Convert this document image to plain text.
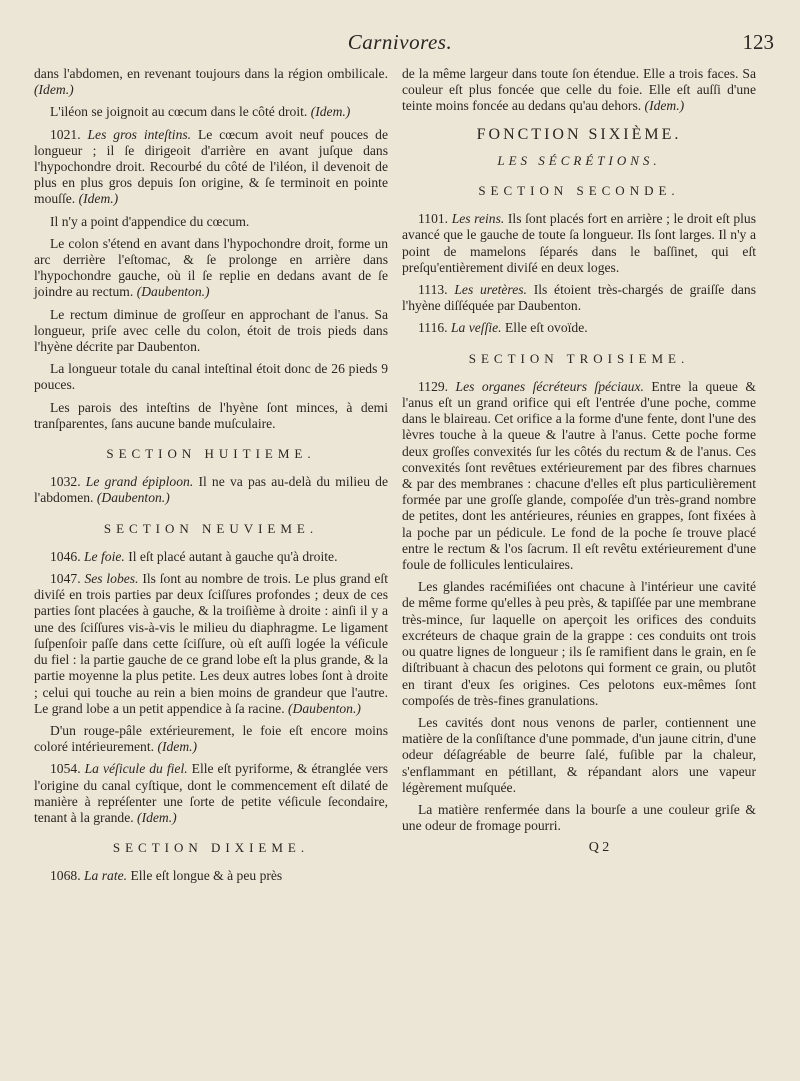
Carnivores.	123

dans l'abdomen, en revenant toujours dans la région ombilicale. (Idem.)

L'iléon se joignoit au cœcum dans le côté droit. (Idem.)

1021. Les gros inteſtins. Le cœcum avoit neuf pouces de longueur ; il ſe dirigeoit d'arrière en avant juſque dans l'hypochondre droit. Recourbé du côté de l'iléon, il devenoit de plus en plus gros depuis ſon origine, & ſe terminoit en pointe mouſſe. (Idem.)

Il n'y a point d'appendice du cœcum.

Le colon s'étend en avant dans l'hypochondre droit, forme un arc derrière l'eſtomac, & ſe prolonge en arrière dans l'hypochondre gauche, où il ſe replie en dedans avant de ſe joindre au rectum. (Daubenton.)

Le rectum diminue de groſſeur en approchant de l'anus. Sa longueur, priſe avec celle du colon, étoit de trois pieds dans l'hyène décrite par Daubenton.

La longueur totale du canal inteſtinal étoit donc de 26 pieds 9 pouces.

Les parois des inteſtins de l'hyène ſont minces, à demi tranſparentes, ſans aucune bande muſculaire.

SECTION HUITIEME.

1032. Le grand épiploon. Il ne va pas au-delà du milieu de l'abdomen. (Daubenton.)

SECTION NEUVIEME.

1046. Le foie. Il eſt placé autant à gauche qu'à droite.

1047. Ses lobes. Ils ſont au nombre de trois. Le plus grand eſt diviſé en trois parties par deux ſciſſures profondes ; deux de ces parties ſont placées à gauche, & la troiſième à droite : ainſi il y a une des ſciſſures vis-à-vis le milieu du diaphragme. Le ligament ſuſpenſoir paſſe dans cette ſciſſure, où eſt auſſi logée la véſicule du fiel : la partie gauche de ce grand lobe eſt la plus grande, & la partie moyenne la plus petite. Les deux autres lobes ſont à droite ; celui qui touche au rein a bien moins de grandeur que l'autre. Le grand lobe a un petit appendice à ſa racine. (Daubenton.)

D'un rouge-pâle extérieurement, le foie eſt encore moins coloré intérieurement. (Idem.)

1054. La véſicule du fiel. Elle eſt pyriforme, & étranglée vers l'origine du canal cyſtique, dont le commencement eſt dilaté de manière à repréſenter une ſorte de petite véſicule ſecondaire, tenant à la grande. (Idem.)

SECTION DIXIEME.

1068. La rate. Elle eſt longue & à peu près

de la même largeur dans toute ſon étendue. Elle a trois faces. Sa couleur eſt plus foncée que celle du foie. Elle eſt auſſi d'une teinte moins foncée au dedans qu'au dehors. (Idem.)

FONCTION SIXIÈME.
LES SÉCRÉTIONS.
SECTION SECONDE.

1101. Les reins. Ils ſont placés fort en arrière ; le droit eſt plus avancé que le gauche de toute ſa longueur. Ils ſont larges. Il n'y a point de mamelons ſéparés dans le baſſinet, qui eſt preſqu'entièrement diviſé en deux loges.

1113. Les uretères. Ils étoient très-chargés de graiſſe dans l'hyène diſſéquée par Daubenton.

1116. La veſſie. Elle eſt ovoïde.

SECTION TROISIEME.

1129. Les organes ſécréteurs ſpéciaux. Entre la queue & l'anus eſt un grand orifice qui eſt l'entrée d'une poche, comme dans le blaireau. Cet orifice a la forme d'une fente, dont l'une des lèvres touche à la queue & l'autre à l'anus. Cette poche forme deux groſſes convexités ſur les côtés du rectum & de l'anus. Ces convexités ſont revêtues extérieurement par des fibres charnues & par des membranes : chacune d'elles eſt plus particulièrement formée par une groſſe glande, compoſée d'un très-grand nombre de petites, dont les antérieures, réunies en grappes, ſont fixées à la poche par un pédicule. Le fond de la poche ſe trouve placé entre le rectum & l'os ſacrum. Il eſt revêtu extérieurement d'une foule de follicules lenticulaires.

Les glandes racémiſiées ont chacune à l'intérieur une cavité de même forme qu'elles à peu près, & tapiſſée par une membrane très-mince, ſur laquelle on aperçoit les orifices des conduits excréteurs de chaque grain de la grappe : ces conduits ont trois ou quatre lignes de longueur ; ils ſe ramifient dans le grain, en ſe diſtribuant à chacun des pelotons qui forment ce grain, ou plutôt en tirant d'eux ſes origines. Ces pelotons eux-mêmes ſont compoſés de très-fines granulations.

Les cavités dont nous venons de parler, contiennent une matière de la conſiſtance d'une pommade, d'un jaune citrin, d'une odeur déſagréable de beurre ſalé, fuſible par la chaleur, s'enflammant en pétillant, & répandant alors une vapeur légèrement muſquée.

La matière renfermée dans la bourſe a une couleur griſe & une odeur de fromage pourri.

Q 2
